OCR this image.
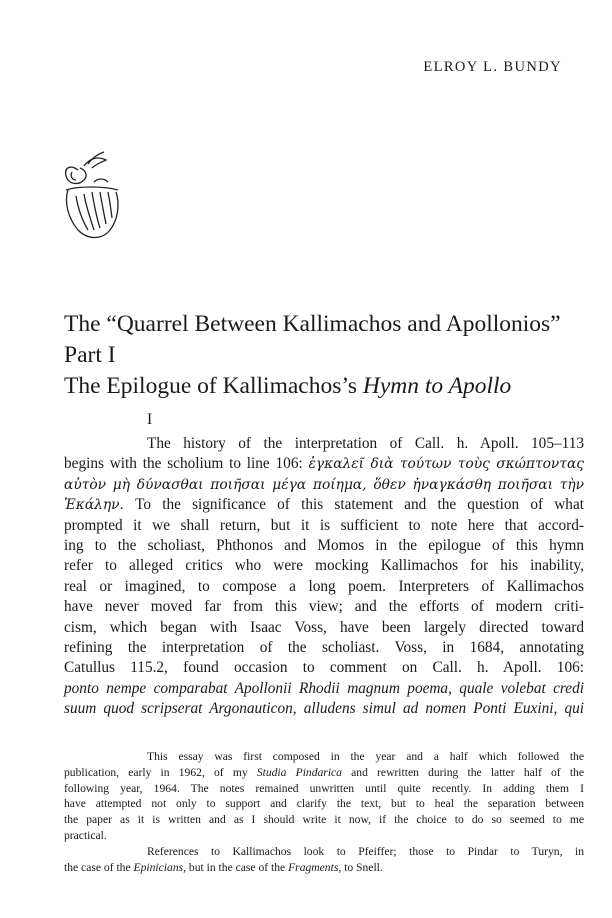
ELROY L. BUNDY
The “Quarrel Between Kallimachos and Apollonios”
Part I
The Epilogue of Kallimachos’s Hymn to Apollo
I
The history of the interpretation of Call. h. Apoll. 105–113
begins with the scholium to line 106: ἐγκαλεῖ διὰ τούτων τοὺς σκώπτοντας
αὐτὸν μὴ δύνασθαι ποιῆσαι μέγα ποίημα, ὅθεν ἠναγκάσθη ποιῆσαι τὴν
Ἐκάλην. To the significance of this statement and the question of what
prompted it we shall return, but it is sufficient to note here that accord-
ing to the scholiast, Phthonos and Momos in the epilogue of this hymn
refer to alleged critics who were mocking Kallimachos for his inability,
real or imagined, to compose a long poem. Interpreters of Kallimachos
have never moved far from this view; and the efforts of modern criti-
cism, which began with Isaac Voss, have been largely directed toward
refining the interpretation of the scholiast. Voss, in 1684, annotating
Catullus 115.2, found occasion to comment on Call. h. Apoll. 106:
ponto nempe comparabat Apollonii Rhodii magnum poema, quale volebat credi
suum quod scripserat Argonauticon, alludens simul ad nomen Ponti Euxini, qui
This essay was first composed in the year and a half which followed the
publication, early in 1962, of my Studia Pindarica and rewritten during the latter half of the
following year, 1964. The notes remained unwritten until quite recently. In adding them I
have attempted not only to support and clarify the text, but to heal the separation between
the paper as it is written and as I should write it now, if the choice to do so seemed to me
practical.
References to Kallimachos look to Pfeiffer; those to Pindar to Turyn, in
the case of the Epinicians, but in the case of the Fragments, to Snell.
